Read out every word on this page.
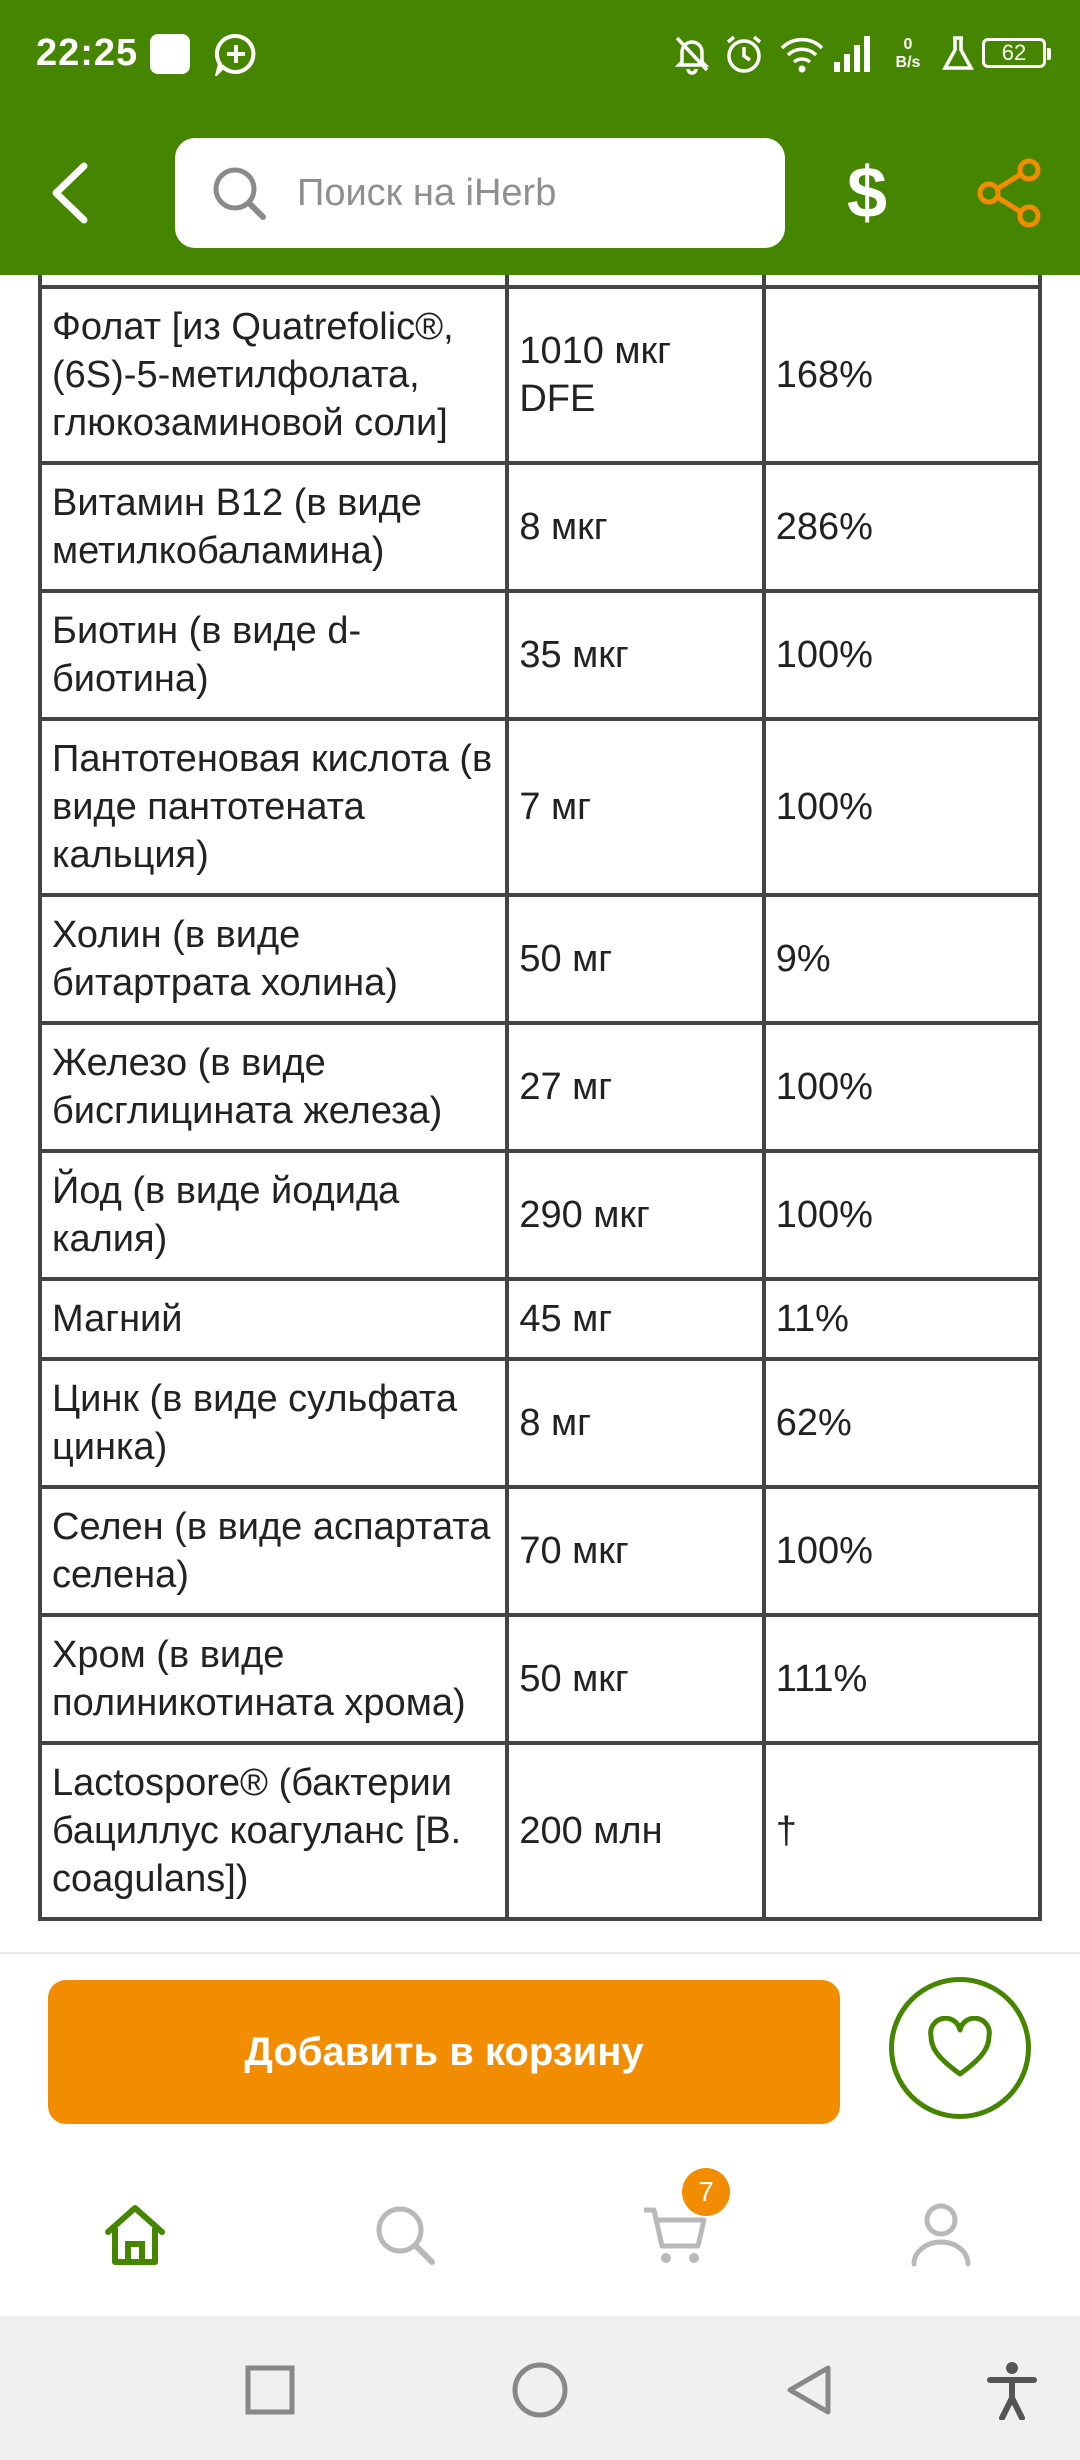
22:25	0
B/s	62
Поиск на iHerb
$

Фолат [из Quatrefolic®, (6S)-5-метилфолата, глюкозаминовой соли]	1010 мкг DFE	168%
Витамин B12 (в виде метилкобаламина)	8 мкг	286%
Биотин (в виде d-биотина)	35 мкг	100%
Пантотеновая кислота (в виде пантотената кальция)	7 мг	100%
Холин (в виде битартрата холина)	50 мг	9%
Железо (в виде бисглицината железа)	27 мг	100%
Йод (в виде йодида калия)	290 мкг	100%
Магний	45 мг	11%
Цинк (в виде сульфата цинка)	8 мг	62%
Селен (в виде аспартата селена)	70 мкг	100%
Хром (в виде полиникотината хрома)	50 мкг	111%
Lactospore® (бактерии бациллус коагуланс [B. coagulans])	200 млн	†
Добавить в корзину
7
